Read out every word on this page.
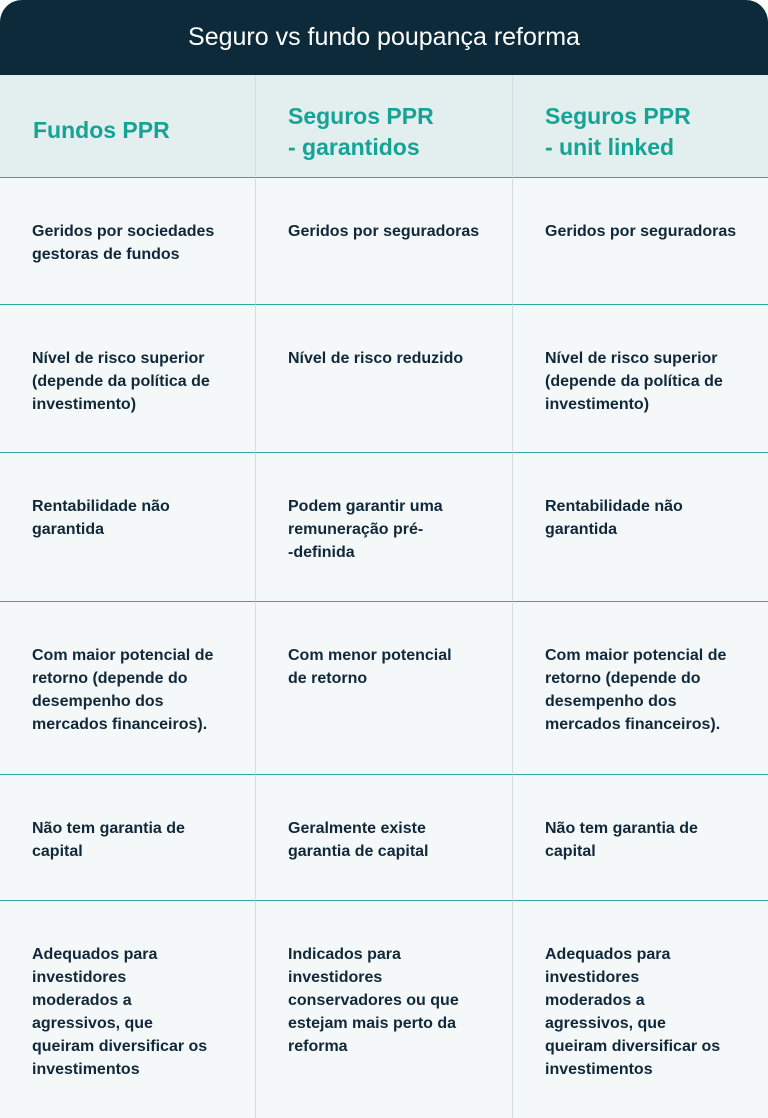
Seguro vs fundo poupança reforma
Fundos PPR
Seguros PPR
- garantidos
Seguros PPR
- unit linked
Geridos por sociedades
gestoras de fundos
Geridos por seguradoras	Geridos por seguradoras
Nível de risco superior
(depende da política de
investimento)
Nível de risco reduzido	Nível de risco superior
(depende da política de
investimento)
Rentabilidade não
garantida
Podem garantir uma
remuneração pré-
-definida
Rentabilidade não
garantida
Com maior potencial de
retorno (depende do
desempenho dos
mercados financeiros).
Com menor potencial
de retorno
Com maior potencial de
retorno (depende do
desempenho dos
mercados financeiros).
Não tem garantia de
capital
Geralmente existe
garantia de capital
Não tem garantia de
capital
Adequados para
investidores
moderados a
agressivos, que
queiram diversificar os
investimentos
Indicados para
investidores
conservadores ou que
estejam mais perto da
reforma
Adequados para
investidores
moderados a
agressivos, que
queiram diversificar os
investimentos
